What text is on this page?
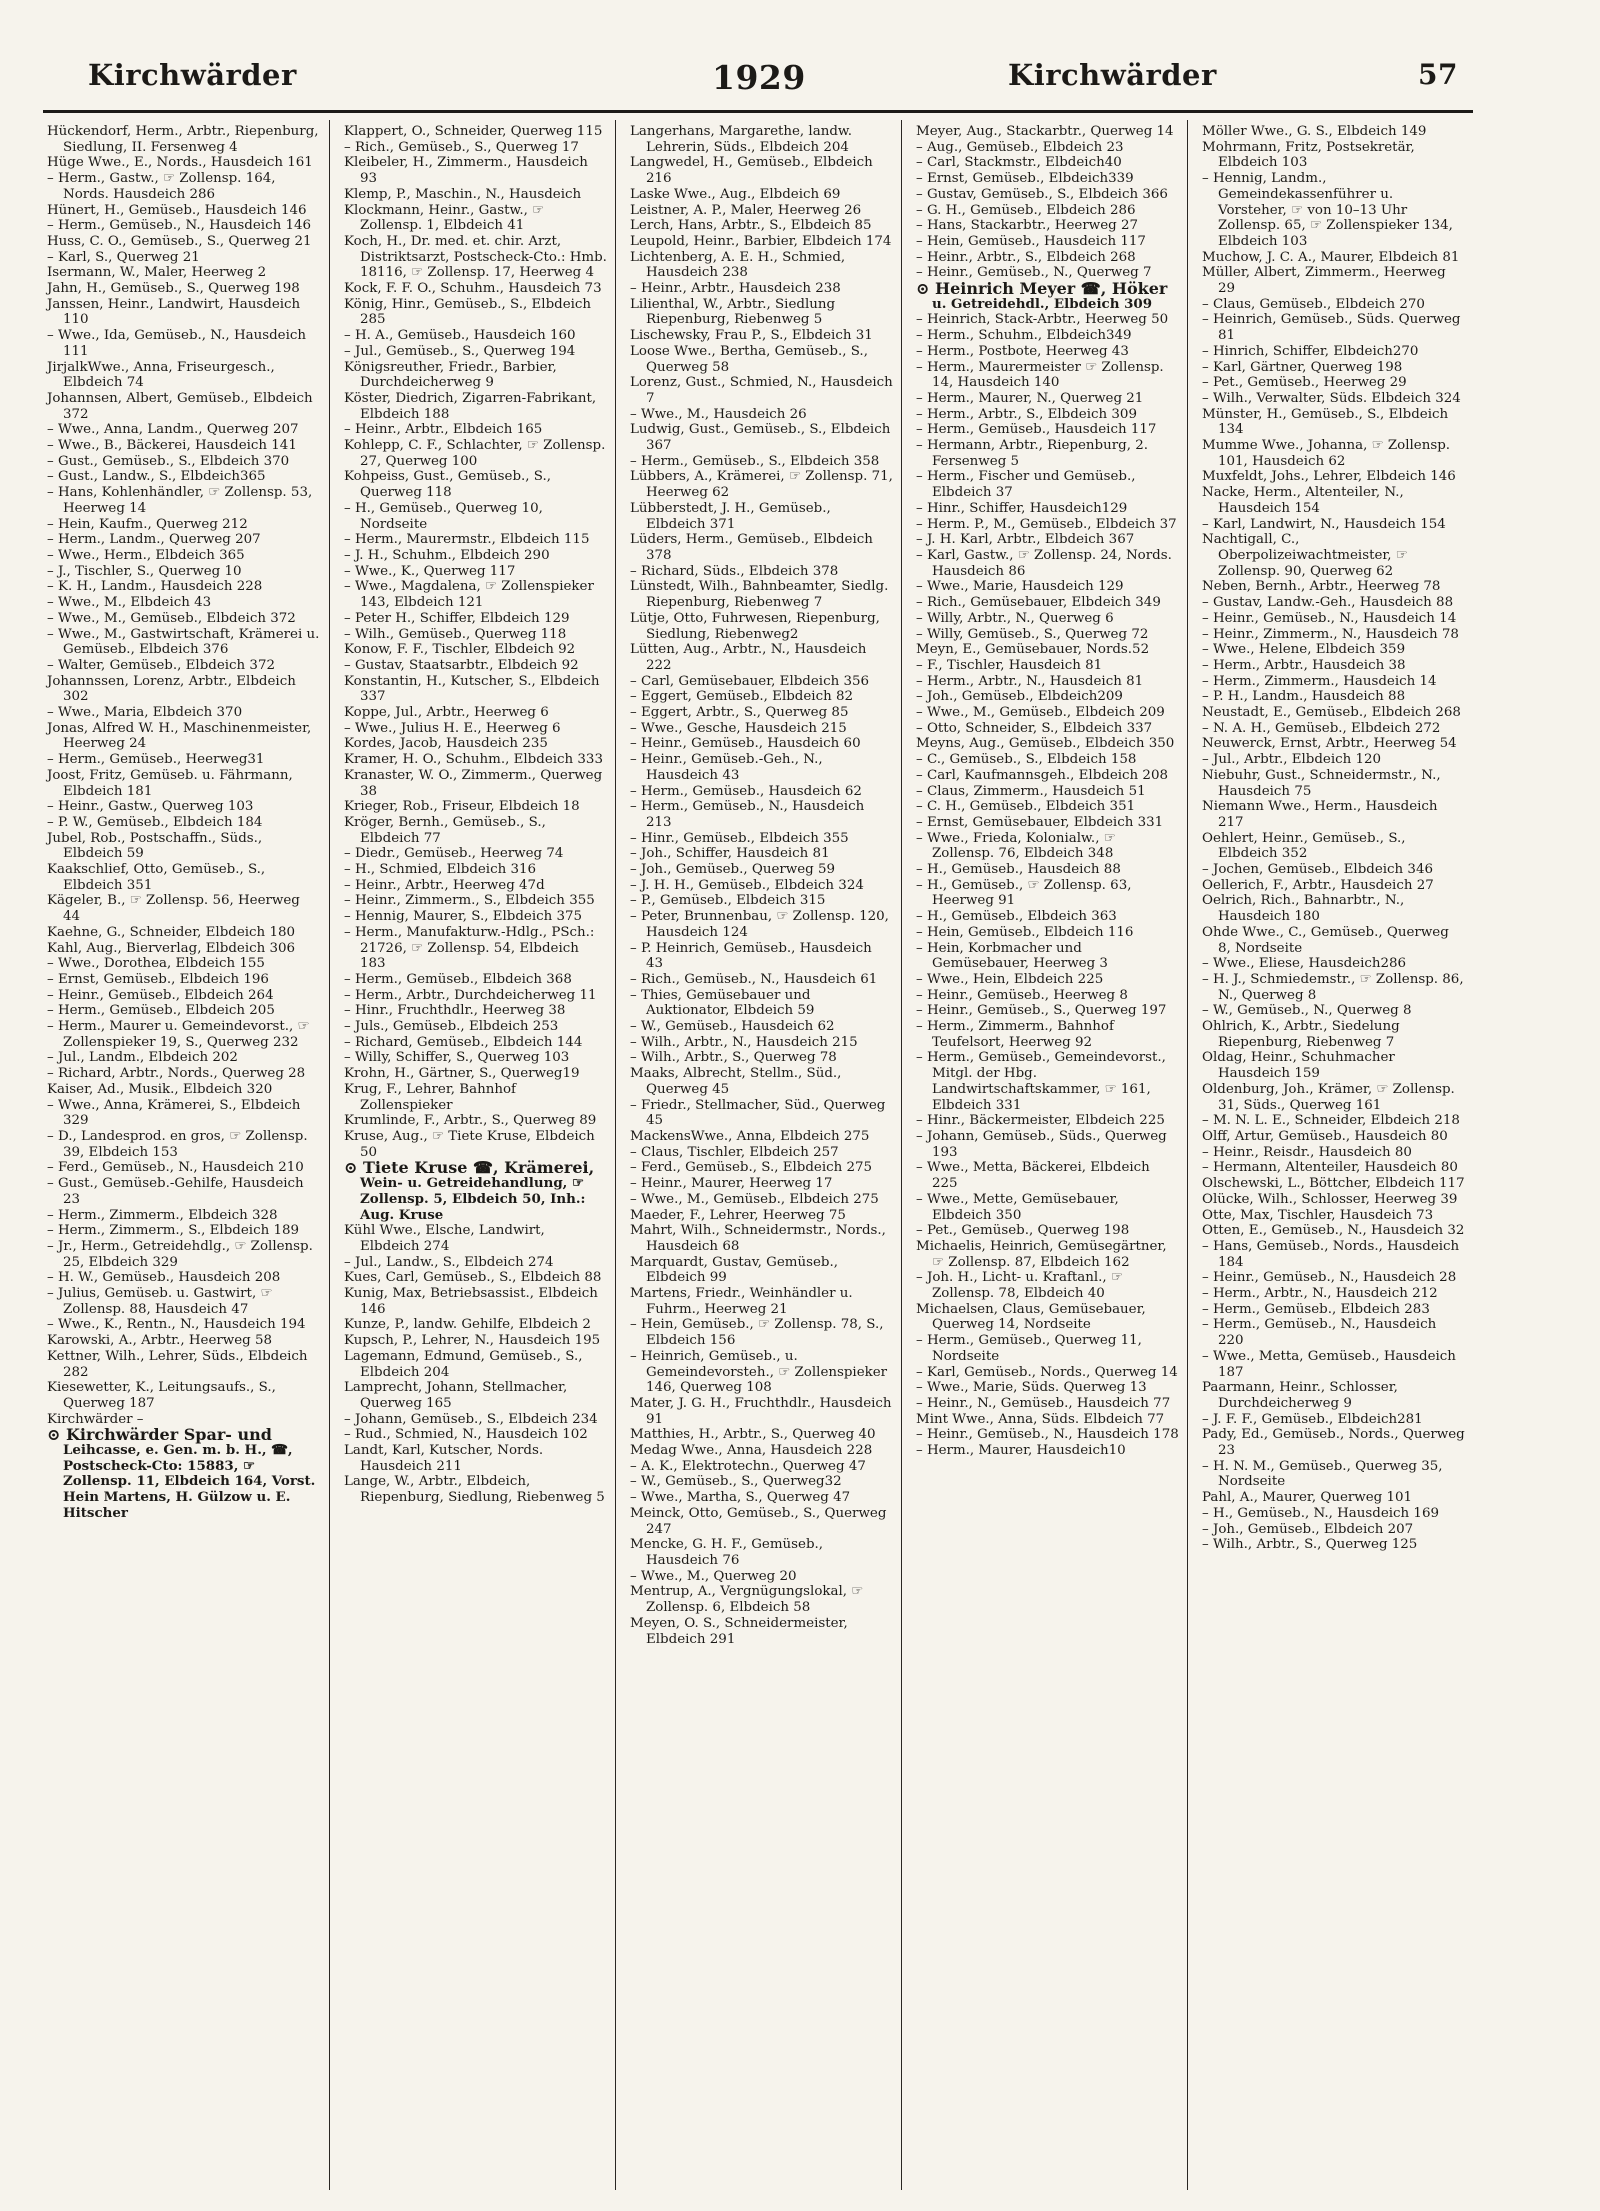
Kirchwärder	1929	Kirchwärder	57

Hückendorf, Herm., Arbtr., Riepenburg, Siedlung, II. Fersenweg 4

Hüge Wwe., E., Nords., Hausdeich 161

– Herm., Gastw., ☞ Zollensp. 164, Nords. Hausdeich 286

Hünert, H., Gemüseb., Hausdeich 146

– Herm., Gemüseb., N., Hausdeich 146

Huss, C. O., Gemüseb., S., Querweg 21

– Karl, S., Querweg 21

Isermann, W., Maler, Heerweg 2

Jahn, H., Gemüseb., S., Querweg 198

Janssen, Heinr., Landwirt, Hausdeich 110

– Wwe., Ida, Gemüseb., N., Hausdeich 111

JirjalkWwe., Anna, Friseurgesch., Elbdeich 74

Johannsen, Albert, Gemüseb., Elbdeich 372

– Wwe., Anna, Landm., Querweg 207

– Wwe., B., Bäckerei, Hausdeich 141

– Gust., Gemüseb., S., Elbdeich 370

– Gust., Landw., S., Elbdeich365

– Hans, Kohlenhändler, ☞ Zollensp. 53, Heerweg 14

– Hein, Kaufm., Querweg 212

– Herm., Landm., Querweg 207

– Wwe., Herm., Elbdeich 365

– J., Tischler, S., Querweg 10

– K. H., Landm., Hausdeich 228

– Wwe., M., Elbdeich 43

– Wwe., M., Gemüseb., Elbdeich 372

– Wwe., M., Gastwirtschaft, Krämerei u. Gemüseb., Elbdeich 376

– Walter, Gemüseb., Elbdeich 372

Johannssen, Lorenz, Arbtr., Elbdeich 302

– Wwe., Maria, Elbdeich 370

Jonas, Alfred W. H., Maschinenmeister, Heerweg 24

– Herm., Gemüseb., Heerweg31

Joost, Fritz, Gemüseb. u. Fährmann, Elbdeich 181

– Heinr., Gastw., Querweg 103

– P. W., Gemüseb., Elbdeich 184

Jubel, Rob., Postschaffn., Süds., Elbdeich 59

Kaakschlief, Otto, Gemüseb., S., Elbdeich 351

Kägeler, B., ☞ Zollensp. 56, Heerweg 44

Kaehne, G., Schneider, Elbdeich 180

Kahl, Aug., Bierverlag, Elbdeich 306

– Wwe., Dorothea, Elbdeich 155

– Ernst, Gemüseb., Elbdeich 196

– Heinr., Gemüseb., Elbdeich 264

– Herm., Gemüseb., Elbdeich 205

– Herm., Maurer u. Gemeindevorst., ☞ Zollenspieker 19, S., Querweg 232

– Jul., Landm., Elbdeich 202

– Richard, Arbtr., Nords., Querweg 28

Kaiser, Ad., Musik., Elbdeich 320

– Wwe., Anna, Krämerei, S., Elbdeich 329

– D., Landesprod. en gros, ☞ Zollensp. 39, Elbdeich 153

– Ferd., Gemüseb., N., Hausdeich 210

– Gust., Gemüseb.-Gehilfe, Hausdeich 23

– Herm., Zimmerm., Elbdeich 328

– Herm., Zimmerm., S., Elbdeich 189

– Jr., Herm., Getreidehdlg., ☞ Zollensp. 25, Elbdeich 329

– H. W., Gemüseb., Hausdeich 208

– Julius, Gemüseb. u. Gastwirt, ☞ Zollensp. 88, Hausdeich 47

– Wwe., K., Rentn., N., Hausdeich 194

Karowski, A., Arbtr., Heerweg 58

Kettner, Wilh., Lehrer, Süds., Elbdeich 282

Kiesewetter, K., Leitungsaufs., S., Querweg 187

Kirchwärder –

⊙ Kirchwärder Spar- und Leihcasse, e. Gen. m. b. H., ☎, Postscheck-Cto: 15883, ☞ Zollensp. 11, Elbdeich 164, Vorst. Hein Martens, H. Gülzow u. E. Hitscher

Klappert, O., Schneider, Querweg 115

– Rich., Gemüseb., S., Querweg 17

Kleibeler, H., Zimmerm., Hausdeich 93

Klemp, P., Maschin., N., Hausdeich

Klockmann, Heinr., Gastw., ☞ Zollensp. 1, Elbdeich 41

Koch, H., Dr. med. et. chir. Arzt, Distriktsarzt, Postscheck-Cto.: Hmb. 18116, ☞ Zollensp. 17, Heerweg 4

Kock, F. F. O., Schuhm., Hausdeich 73

König, Hinr., Gemüseb., S., Elbdeich 285

– H. A., Gemüseb., Hausdeich 160

– Jul., Gemüseb., S., Querweg 194

Königsreuther, Friedr., Barbier, Durchdeicherweg 9

Köster, Diedrich, Zigarren-Fabrikant, Elbdeich 188

– Heinr., Arbtr., Elbdeich 165

Kohlepp, C. F., Schlachter, ☞ Zollensp. 27, Querweg 100

Kohpeiss, Gust., Gemüseb., S., Querweg 118

– H., Gemüseb., Querweg 10, Nordseite

– Herm., Maurermstr., Elbdeich 115

– J. H., Schuhm., Elbdeich 290

– Wwe., K., Querweg 117

– Wwe., Magdalena, ☞ Zollenspieker 143, Elbdeich 121

– Peter H., Schiffer, Elbdeich 129

– Wilh., Gemüseb., Querweg 118

Konow, F. F., Tischler, Elbdeich 92

– Gustav, Staatsarbtr., Elbdeich 92

Konstantin, H., Kutscher, S., Elbdeich 337

Koppe, Jul., Arbtr., Heerweg 6

– Wwe., Julius H. E., Heerweg 6

Kordes, Jacob, Hausdeich 235

Kramer, H. O., Schuhm., Elbdeich 333

Kranaster, W. O., Zimmerm., Querweg 38

Krieger, Rob., Friseur, Elbdeich 18

Kröger, Bernh., Gemüseb., S., Elbdeich 77

– Diedr., Gemüseb., Heerweg 74

– H., Schmied, Elbdeich 316

– Heinr., Arbtr., Heerweg 47d

– Heinr., Zimmerm., S., Elbdeich 355

– Hennig, Maurer, S., Elbdeich 375

– Herm., Manufakturw.-Hdlg., PSch.: 21726, ☞ Zollensp. 54, Elbdeich 183

– Herm., Gemüseb., Elbdeich 368

– Herm., Arbtr., Durchdeicherweg 11

– Hinr., Fruchthdlr., Heerweg 38

– Juls., Gemüseb., Elbdeich 253

– Richard, Gemüseb., Elbdeich 144

– Willy, Schiffer, S., Querweg 103

Krohn, H., Gärtner, S., Querweg19

Krug, F., Lehrer, Bahnhof Zollenspieker

Krumlinde, F., Arbtr., S., Querweg 89

Kruse, Aug., ☞ Tiete Kruse, Elbdeich 50

⊙ Tiete Kruse ☎, Krämerei, Wein- u. Getreidehandlung, ☞ Zollensp. 5, Elbdeich 50, Inh.: Aug. Kruse

Kühl Wwe., Elsche, Landwirt, Elbdeich 274

– Jul., Landw., S., Elbdeich 274

Kues, Carl, Gemüseb., S., Elbdeich 88

Kunig, Max, Betriebsassist., Elbdeich 146

Kunze, P., landw. Gehilfe, Elbdeich 2

Kupsch, P., Lehrer, N., Hausdeich 195

Lagemann, Edmund, Gemüseb., S., Elbdeich 204

Lamprecht, Johann, Stellmacher, Querweg 165

– Johann, Gemüseb., S., Elbdeich 234

– Rud., Schmied, N., Hausdeich 102

Landt, Karl, Kutscher, Nords. Hausdeich 211

Lange, W., Arbtr., Elbdeich, Riepenburg, Siedlung, Riebenweg 5

Langerhans, Margarethe, landw. Lehrerin, Süds., Elbdeich 204

Langwedel, H., Gemüseb., Elbdeich 216

Laske Wwe., Aug., Elbdeich 69

Leistner, A. P., Maler, Heerweg 26

Lerch, Hans, Arbtr., S., Elbdeich 85

Leupold, Heinr., Barbier, Elbdeich 174

Lichtenberg, A. E. H., Schmied, Hausdeich 238

– Heinr., Arbtr., Hausdeich 238

Lilienthal, W., Arbtr., Siedlung Riepenburg, Riebenweg 5

Lischewsky, Frau P., S., Elbdeich 31

Loose Wwe., Bertha, Gemüseb., S., Querweg 58

Lorenz, Gust., Schmied, N., Hausdeich 7

– Wwe., M., Hausdeich 26

Ludwig, Gust., Gemüseb., S., Elbdeich 367

– Herm., Gemüseb., S., Elbdeich 358

Lübbers, A., Krämerei, ☞ Zollensp. 71, Heerweg 62

Lübberstedt, J. H., Gemüseb., Elbdeich 371

Lüders, Herm., Gemüseb., Elbdeich 378

– Richard, Süds., Elbdeich 378

Lünstedt, Wilh., Bahnbeamter, Siedlg. Riepenburg, Riebenweg 7

Lütje, Otto, Fuhrwesen, Riepenburg, Siedlung, Riebenweg2

Lütten, Aug., Arbtr., N., Hausdeich 222

– Carl, Gemüsebauer, Elbdeich 356

– Eggert, Gemüseb., Elbdeich 82

– Eggert, Arbtr., S., Querweg 85

– Wwe., Gesche, Hausdeich 215

– Heinr., Gemüseb., Hausdeich 60

– Heinr., Gemüseb.-Geh., N., Hausdeich 43

– Herm., Gemüseb., Hausdeich 62

– Herm., Gemüseb., N., Hausdeich 213

– Hinr., Gemüseb., Elbdeich 355

– Joh., Schiffer, Hausdeich 81

– Joh., Gemüseb., Querweg 59

– J. H. H., Gemüseb., Elbdeich 324

– P., Gemüseb., Elbdeich 315

– Peter, Brunnenbau, ☞ Zollensp. 120, Hausdeich 124

– P. Heinrich, Gemüseb., Hausdeich 43

– Rich., Gemüseb., N., Hausdeich 61

– Thies, Gemüsebauer und Auktionator, Elbdeich 59

– W., Gemüseb., Hausdeich 62

– Wilh., Arbtr., N., Hausdeich 215

– Wilh., Arbtr., S., Querweg 78

Maaks, Albrecht, Stellm., Süd., Querweg 45

– Friedr., Stellmacher, Süd., Querweg 45

MackensWwe., Anna, Elbdeich 275

– Claus, Tischler, Elbdeich 257

– Ferd., Gemüseb., S., Elbdeich 275

– Heinr., Maurer, Heerweg 17

– Wwe., M., Gemüseb., Elbdeich 275

Maeder, F., Lehrer, Heerweg 75

Mahrt, Wilh., Schneidermstr., Nords., Hausdeich 68

Marquardt, Gustav, Gemüseb., Elbdeich 99

Martens, Friedr., Weinhändler u. Fuhrm., Heerweg 21

– Hein, Gemüseb., ☞ Zollensp. 78, S., Elbdeich 156

– Heinrich, Gemüseb., u. Gemeindevorsteh., ☞ Zollenspieker 146, Querweg 108

Mater, J. G. H., Fruchthdlr., Hausdeich 91

Matthies, H., Arbtr., S., Querweg 40

Medag Wwe., Anna, Hausdeich 228

– A. K., Elektrotechn., Querweg 47

– W., Gemüseb., S., Querweg32

– Wwe., Martha, S., Querweg 47

Meinck, Otto, Gemüseb., S., Querweg 247

Mencke, G. H. F., Gemüseb., Hausdeich 76

– Wwe., M., Querweg 20

Mentrup, A., Vergnügungslokal, ☞ Zollensp. 6, Elbdeich 58

Meyen, O. S., Schneidermeister, Elbdeich 291

Meyer, Aug., Stackarbtr., Querweg 14

– Aug., Gemüseb., Elbdeich 23

– Carl, Stackmstr., Elbdeich40

– Ernst, Gemüseb., Elbdeich339

– Gustav, Gemüseb., S., Elbdeich 366

– G. H., Gemüseb., Elbdeich 286

– Hans, Stackarbtr., Heerweg 27

– Hein, Gemüseb., Hausdeich 117

– Heinr., Arbtr., S., Elbdeich 268

– Heinr., Gemüseb., N., Querweg 7

⊙ Heinrich Meyer ☎, Höker u. Getreidehdl., Elbdeich 309

– Heinrich, Stack-Arbtr., Heerweg 50

– Herm., Schuhm., Elbdeich349

– Herm., Postbote, Heerweg 43

– Herm., Maurermeister ☞ Zollensp. 14, Hausdeich 140

– Herm., Maurer, N., Querweg 21

– Herm., Arbtr., S., Elbdeich 309

– Herm., Gemüseb., Hausdeich 117

– Hermann, Arbtr., Riepenburg, 2. Fersenweg 5

– Herm., Fischer und Gemüseb., Elbdeich 37

– Hinr., Schiffer, Hausdeich129

– Herm. P., M., Gemüseb., Elbdeich 37

– J. H. Karl, Arbtr., Elbdeich 367

– Karl, Gastw., ☞ Zollensp. 24, Nords. Hausdeich 86

– Wwe., Marie, Hausdeich 129

– Rich., Gemüsebauer, Elbdeich 349

– Willy, Arbtr., N., Querweg 6

– Willy, Gemüseb., S., Querweg 72

Meyn, E., Gemüsebauer, Nords.52

– F., Tischler, Hausdeich 81

– Herm., Arbtr., N., Hausdeich 81

– Joh., Gemüseb., Elbdeich209

– Wwe., M., Gemüseb., Elbdeich 209

– Otto, Schneider, S., Elbdeich 337

Meyns, Aug., Gemüseb., Elbdeich 350

– C., Gemüseb., S., Elbdeich 158

– Carl, Kaufmannsgeh., Elbdeich 208

– Claus, Zimmerm., Hausdeich 51

– C. H., Gemüseb., Elbdeich 351

– Ernst, Gemüsebauer, Elbdeich 331

– Wwe., Frieda, Kolonialw., ☞ Zollensp. 76, Elbdeich 348

– H., Gemüseb., Hausdeich 88

– H., Gemüseb., ☞ Zollensp. 63, Heerweg 91

– H., Gemüseb., Elbdeich 363

– Hein, Gemüseb., Elbdeich 116

– Hein, Korbmacher und Gemüsebauer, Heerweg 3

– Wwe., Hein, Elbdeich 225

– Heinr., Gemüseb., Heerweg 8

– Heinr., Gemüseb., S., Querweg 197

– Herm., Zimmerm., Bahnhof Teufelsort, Heerweg 92

– Herm., Gemüseb., Gemeindevorst., Mitgl. der Hbg. Landwirtschaftskammer, ☞ 161, Elbdeich 331

– Hinr., Bäckermeister, Elbdeich 225

– Johann, Gemüseb., Süds., Querweg 193

– Wwe., Metta, Bäckerei, Elbdeich 225

– Wwe., Mette, Gemüsebauer, Elbdeich 350

– Pet., Gemüseb., Querweg 198

Michaelis, Heinrich, Gemüsegärtner, ☞ Zollensp. 87, Elbdeich 162

– Joh. H., Licht- u. Kraftanl., ☞ Zollensp. 78, Elbdeich 40

Michaelsen, Claus, Gemüsebauer, Querweg 14, Nordseite

– Herm., Gemüseb., Querweg 11, Nordseite

– Karl, Gemüseb., Nords., Querweg 14

– Wwe., Marie, Süds. Querweg 13

– Heinr., N., Gemüseb., Hausdeich 77

Mint Wwe., Anna, Süds. Elbdeich 77

– Heinr., Gemüseb., N., Hausdeich 178

– Herm., Maurer, Hausdeich10

Möller Wwe., G. S., Elbdeich 149

Mohrmann, Fritz, Postsekretär, Elbdeich 103

– Hennig, Landm., Gemeindekassenführer u. Vorsteher, ☞ von 10–13 Uhr Zollensp. 65, ☞ Zollenspieker 134, Elbdeich 103

Muchow, J. C. A., Maurer, Elbdeich 81

Müller, Albert, Zimmerm., Heerweg 29

– Claus, Gemüseb., Elbdeich 270

– Heinrich, Gemüseb., Süds. Querweg 81

– Hinrich, Schiffer, Elbdeich270

– Karl, Gärtner, Querweg 198

– Pet., Gemüseb., Heerweg 29

– Wilh., Verwalter, Süds. Elbdeich 324

Münster, H., Gemüseb., S., Elbdeich 134

Mumme Wwe., Johanna, ☞ Zollensp. 101, Hausdeich 62

Muxfeldt, Johs., Lehrer, Elbdeich 146

Nacke, Herm., Altenteiler, N., Hausdeich 154

– Karl, Landwirt, N., Hausdeich 154

Nachtigall, C., Oberpolizeiwachtmeister, ☞ Zollensp. 90, Querweg 62

Neben, Bernh., Arbtr., Heerweg 78

– Gustav, Landw.-Geh., Hausdeich 88

– Heinr., Gemüseb., N., Hausdeich 14

– Heinr., Zimmerm., N., Hausdeich 78

– Wwe., Helene, Elbdeich 359

– Herm., Arbtr., Hausdeich 38

– Herm., Zimmerm., Hausdeich 14

– P. H., Landm., Hausdeich 88

Neustadt, E., Gemüseb., Elbdeich 268

– N. A. H., Gemüseb., Elbdeich 272

Neuwerck, Ernst, Arbtr., Heerweg 54

– Jul., Arbtr., Elbdeich 120

Niebuhr, Gust., Schneidermstr., N., Hausdeich 75

Niemann Wwe., Herm., Hausdeich 217

Oehlert, Heinr., Gemüseb., S., Elbdeich 352

– Jochen, Gemüseb., Elbdeich 346

Oellerich, F., Arbtr., Hausdeich 27

Oelrich, Rich., Bahnarbtr., N., Hausdeich 180

Ohde Wwe., C., Gemüseb., Querweg 8, Nordseite

– Wwe., Eliese, Hausdeich286

– H. J., Schmiedemstr., ☞ Zollensp. 86, N., Querweg 8

– W., Gemüseb., N., Querweg 8

Ohlrich, K., Arbtr., Siedelung Riepenburg, Riebenweg 7

Oldag, Heinr., Schuhmacher Hausdeich 159

Oldenburg, Joh., Krämer, ☞ Zollensp. 31, Süds., Querweg 161

– M. N. L. E., Schneider, Elbdeich 218

Olff, Artur, Gemüseb., Hausdeich 80

– Heinr., Reisdr., Hausdeich 80

– Hermann, Altenteiler, Hausdeich 80

Olschewski, L., Böttcher, Elbdeich 117

Olücke, Wilh., Schlosser, Heerweg 39

Otte, Max, Tischler, Hausdeich 73

Otten, E., Gemüseb., N., Hausdeich 32

– Hans, Gemüseb., Nords., Hausdeich 184

– Heinr., Gemüseb., N., Hausdeich 28

– Herm., Arbtr., N., Hausdeich 212

– Herm., Gemüseb., Elbdeich 283

– Herm., Gemüseb., N., Hausdeich 220

– Wwe., Metta, Gemüseb., Hausdeich 187

Paarmann, Heinr., Schlosser, Durchdeicherweg 9

– J. F. F., Gemüseb., Elbdeich281

Pady, Ed., Gemüseb., Nords., Querweg 23

– H. N. M., Gemüseb., Querweg 35, Nordseite

Pahl, A., Maurer, Querweg 101

– H., Gemüseb., N., Hausdeich 169

– Joh., Gemüseb., Elbdeich 207

– Wilh., Arbtr., S., Querweg 125
